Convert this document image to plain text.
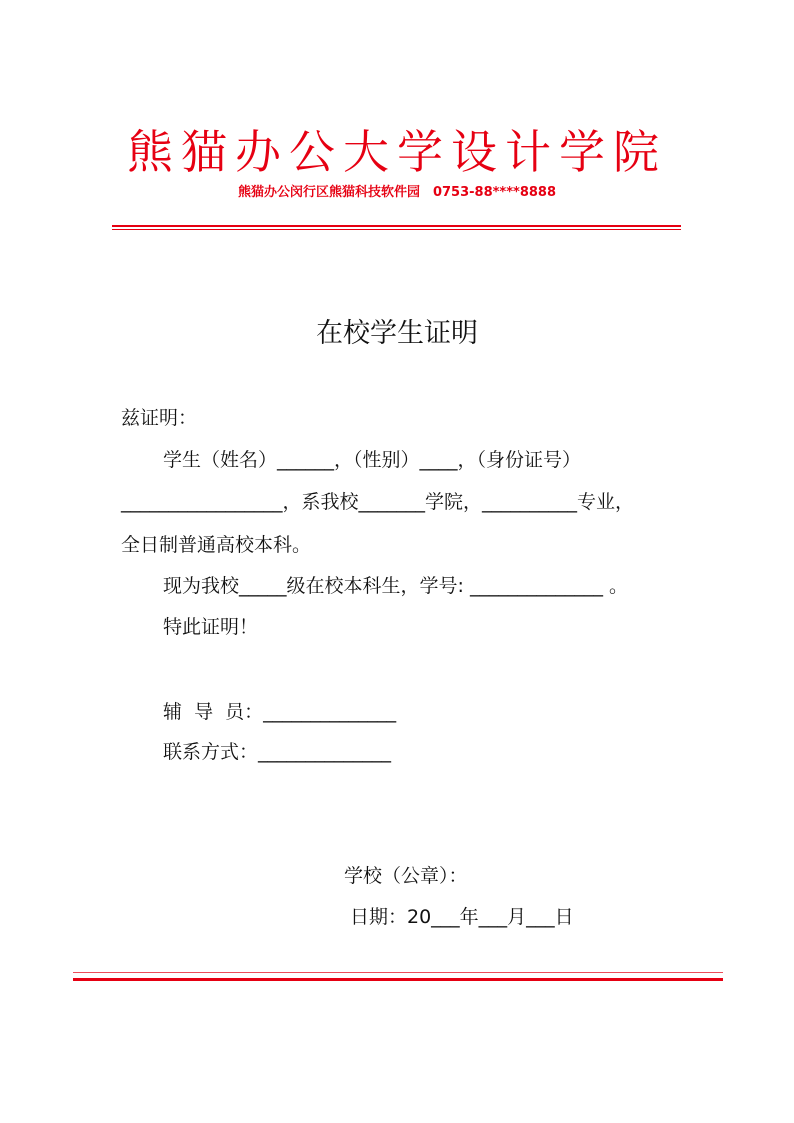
熊猫办公大学设计学院
熊猫办公闵行区熊猫科技软件园　0753-88****8888
在校学生证明
兹证明：
学生（姓名）______，（性别）____，（身份证号）
_________________，系我校_______学院，__________专业，
全日制普通高校本科。
现为我校_____级在校本科生，学号: ______________ 。
特此证明！
辅  导  员：______________
联系方式：______________
学校（公章）：
日期：20___年___月___日
